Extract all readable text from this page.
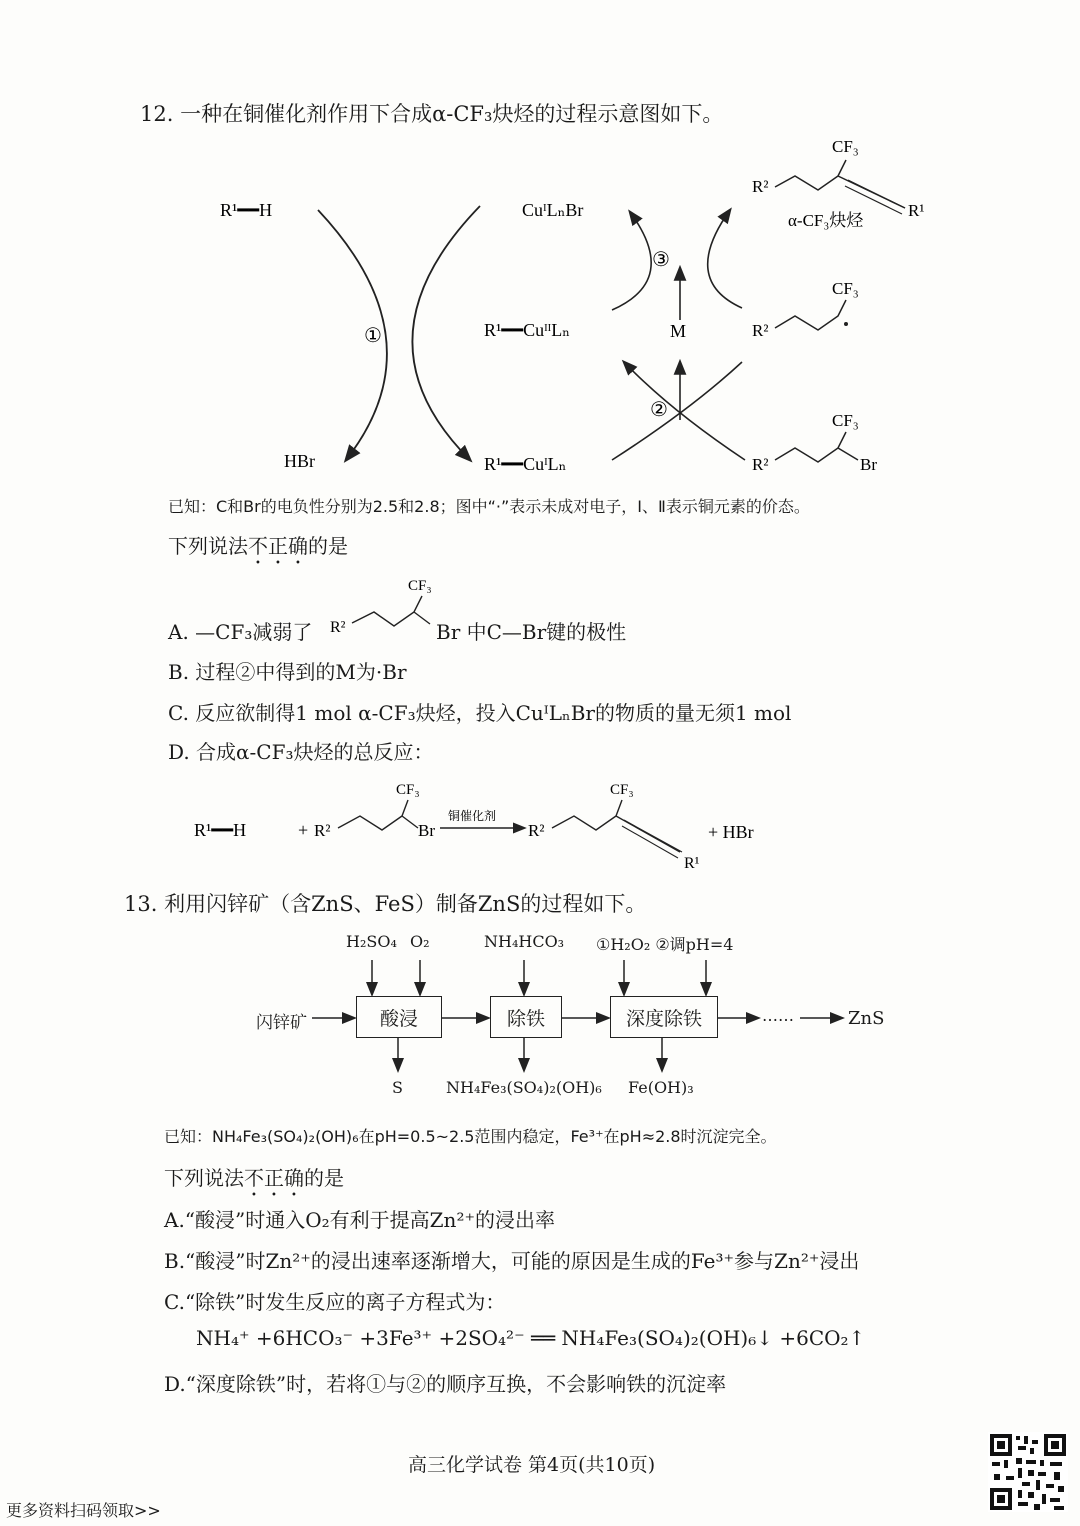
12. 一种在铜催化剂作用下合成α-CF₃炔烃的过程示意图如下。
R¹━━H	CuᴵLₙBr
R¹━━CuᴵᴵLₙ
R¹━━CuᴵLₙ
HBr
①
②
③
M
CF₃
R²
R¹
α-CF₃炔烃
CF₃
R²
CF₃
R²	Br
已知：C和Br的电负性分别为2.5和2.8；图中“·”表示未成对电子，Ⅰ、Ⅱ表示铜元素的价态。
下列说法不正确的是
A. —CF₃减弱了
CF₃
R²	Br 中C—Br键的极性
B. 过程②中得到的M为·Br
C. 反应欲制得1 mol α-CF₃炔烃，投入CuᴵLₙBr的物质的量无须1 mol
D. 合成α-CF₃炔烃的总反应：
R¹━━H	+ R²
CF₃
Br
铜催化剂
R²
CF₃
R¹
+ HBr
13. 利用闪锌矿（含ZnS、FeS）制备ZnS的过程如下。
H₂SO₄ O₂	NH₄HCO₃ ①H₂O₂ ②调pH=4
闪锌矿	酸浸	除铁	深度除铁	……	ZnS
S	NH₄Fe₃(SO₄)₂(OH)₆ Fe(OH)₃
已知：NH₄Fe₃(SO₄)₂(OH)₆在pH=0.5~2.5范围内稳定，Fe³⁺在pH≈2.8时沉淀完全。
下列说法不正确的是
A.“酸浸”时通入O₂有利于提高Zn²⁺的浸出率
B.“酸浸”时Zn²⁺的浸出速率逐渐增大，可能的原因是生成的Fe³⁺参与Zn²⁺浸出
C.“除铁”时发生反应的离子方程式为：
NH₄⁺ +6HCO₃⁻ +3Fe³⁺ +2SO₄²⁻ ══ NH₄Fe₃(SO₄)₂(OH)₆↓ +6CO₂↑
D.“深度除铁”时，若将①与②的顺序互换，不会影响铁的沉淀率
高三化学试卷 第4页(共10页)
更多资料扫码领取>>
